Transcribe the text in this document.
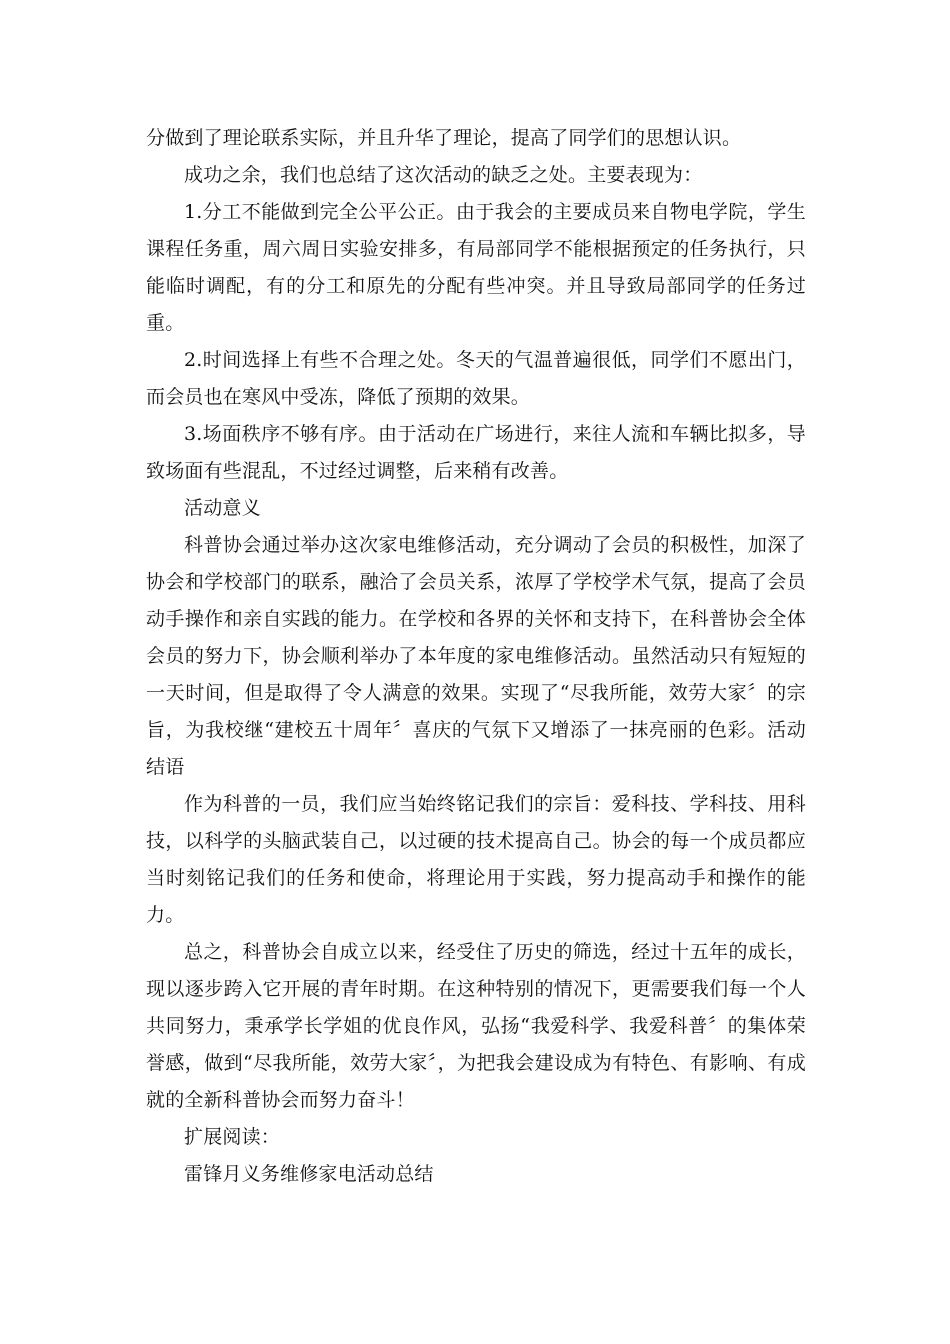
分做到了理论联系实际，并且升华了理论，提高了同学们的思想认识。

成功之余，我们也总结了这次活动的缺乏之处。主要表现为：

1.分工不能做到完全公平公正。由于我会的主要成员来自物电学院，学生课程任务重，周六周日实验安排多，有局部同学不能根据预定的任务执行，只能临时调配，有的分工和原先的分配有些冲突。并且导致局部同学的任务过重。

2.时间选择上有些不合理之处。冬天的气温普遍很低，同学们不愿出门，而会员也在寒风中受冻，降低了预期的效果。

3.场面秩序不够有序。由于活动在广场进行，来往人流和车辆比拟多，导致场面有些混乱，不过经过调整，后来稍有改善。

活动意义

科普协会通过举办这次家电维修活动，充分调动了会员的积极性，加深了协会和学校部门的联系，融洽了会员关系，浓厚了学校学术气氛，提高了会员动手操作和亲自实践的能力。在学校和各界的关怀和支持下，在科普协会全体会员的努力下，协会顺利举办了本年度的家电维修活动。虽然活动只有短短的一天时间，但是取得了令人满意的效果。实现了“尽我所能，效劳大家〞的宗旨，为我校继“建校五十周年〞喜庆的气氛下又增添了一抹亮丽的色彩。活动结语

作为科普的一员，我们应当始终铭记我们的宗旨：爱科技、学科技、用科技，以科学的头脑武装自己，以过硬的技术提高自己。协会的每一个成员都应当时刻铭记我们的任务和使命，将理论用于实践，努力提高动手和操作的能力。

总之，科普协会自成立以来，经受住了历史的筛选，经过十五年的成长，现以逐步跨入它开展的青年时期。在这种特别的情况下，更需要我们每一个人共同努力，秉承学长学姐的优良作风，弘扬“我爱科学、我爱科普〞的集体荣誉感，做到“尽我所能，效劳大家〞，为把我会建设成为有特色、有影响、有成就的全新科普协会而努力奋斗！

扩展阅读：

雷锋月义务维修家电活动总结
